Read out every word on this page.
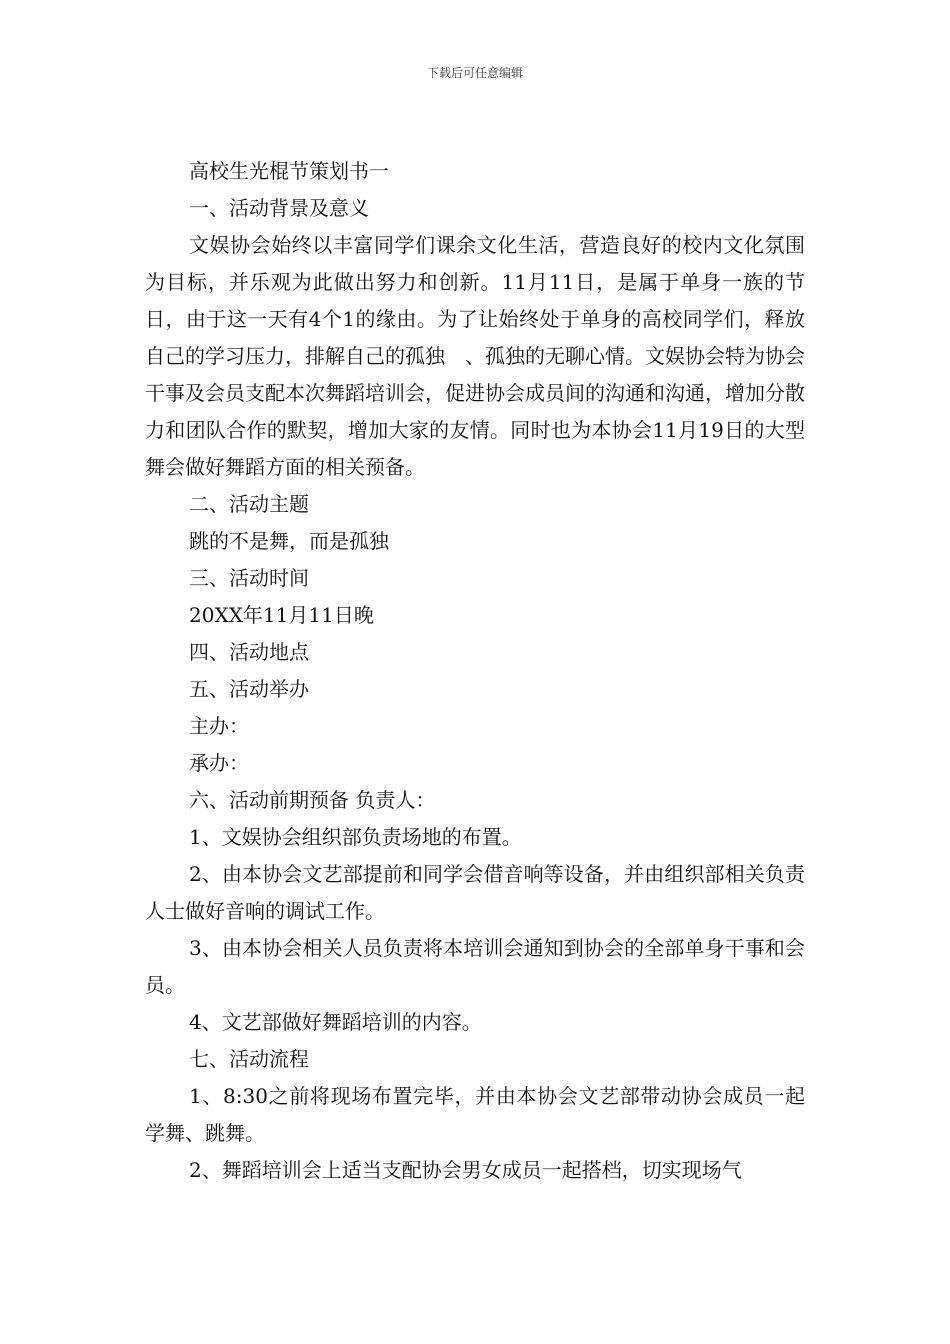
下载后可任意编辑

高校生光棍节策划书一

一、活动背景及意义

文娱协会始终以丰富同学们课余文化生活，营造良好的校内文化氛围为目标，并乐观为此做出努力和创新。11月11日，是属于单身一族的节日，由于这一天有4个1的缘由。为了让始终处于单身的高校同学们，释放自己的学习压力，排解自己的孤独　、孤独的无聊心情。文娱协会特为协会干事及会员支配本次舞蹈培训会，促进协会成员间的沟通和沟通，增加分散力和团队合作的默契，增加大家的友情。同时也为本协会11月19日的大型舞会做好舞蹈方面的相关预备。

二、活动主题

跳的不是舞，而是孤独

三、活动时间

20XX年11月11日晚

四、活动地点

五、活动举办

主办：

承办：

六、活动前期预备 负责人：

1、文娱协会组织部负责场地的布置。

2、由本协会文艺部提前和同学会借音响等设备，并由组织部相关负责人士做好音响的调试工作。

3、由本协会相关人员负责将本培训会通知到协会的全部单身干事和会员。

4、文艺部做好舞蹈培训的内容。

七、活动流程

1、8:30之前将现场布置完毕，并由本协会文艺部带动协会成员一起学舞、跳舞。

2、舞蹈培训会上适当支配协会男女成员一起搭档，切实现场气
